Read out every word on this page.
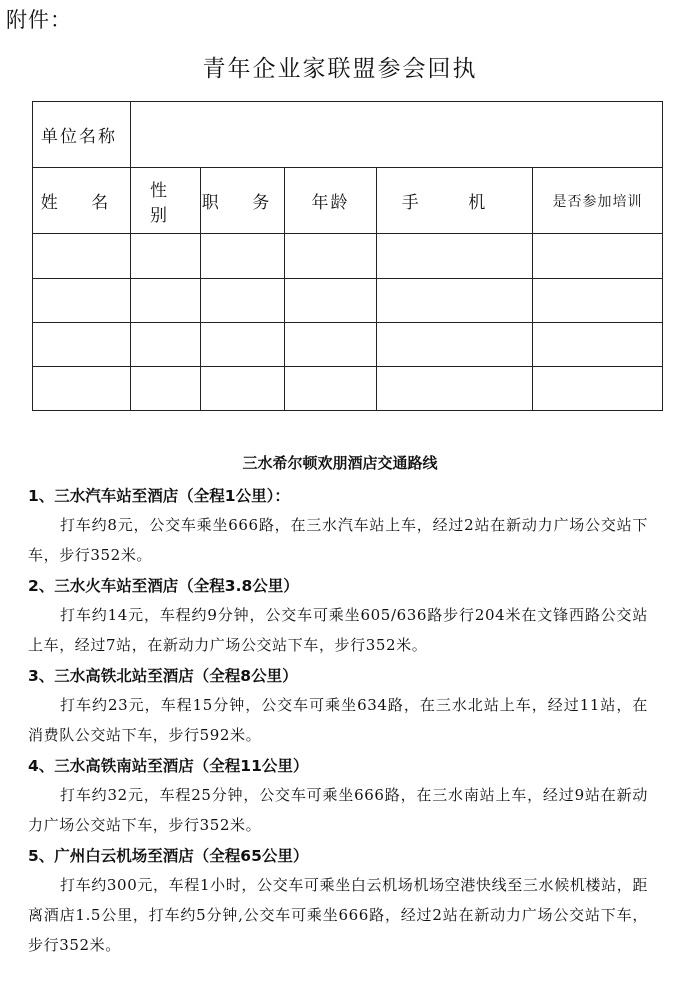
附件：
青年企业家联盟参会回执
单位名称					
姓 名	性 别	职 务	年龄	手 机	是否参加培训

三水希尔顿欢朋酒店交通路线
1、三水汽车站至酒店（全程1公里）：
打车约8元，公交车乘坐666路，在三水汽车站上车，经过2站在新动力广场公交站下车，步行352米。
2、三水火车站至酒店（全程3.8公里）
打车约14元，车程约9分钟，公交车可乘坐605/636路步行204米在文锋西路公交站上车，经过7站，在新动力广场公交站下车，步行352米。
3、三水高铁北站至酒店（全程8公里）
打车约23元，车程15分钟，公交车可乘坐634路，在三水北站上车，经过11站，在消费队公交站下车，步行592米。
4、三水高铁南站至酒店（全程11公里）
打车约32元，车程25分钟，公交车可乘坐666路，在三水南站上车，经过9站在新动力广场公交站下车，步行352米。
5、广州白云机场至酒店（全程65公里）
打车约300元，车程1小时，公交车可乘坐白云机场机场空港快线至三水候机楼站，距离酒店1.5公里，打车约5分钟,公交车可乘坐666路，经过2站在新动力广场公交站下车，步行352米。
